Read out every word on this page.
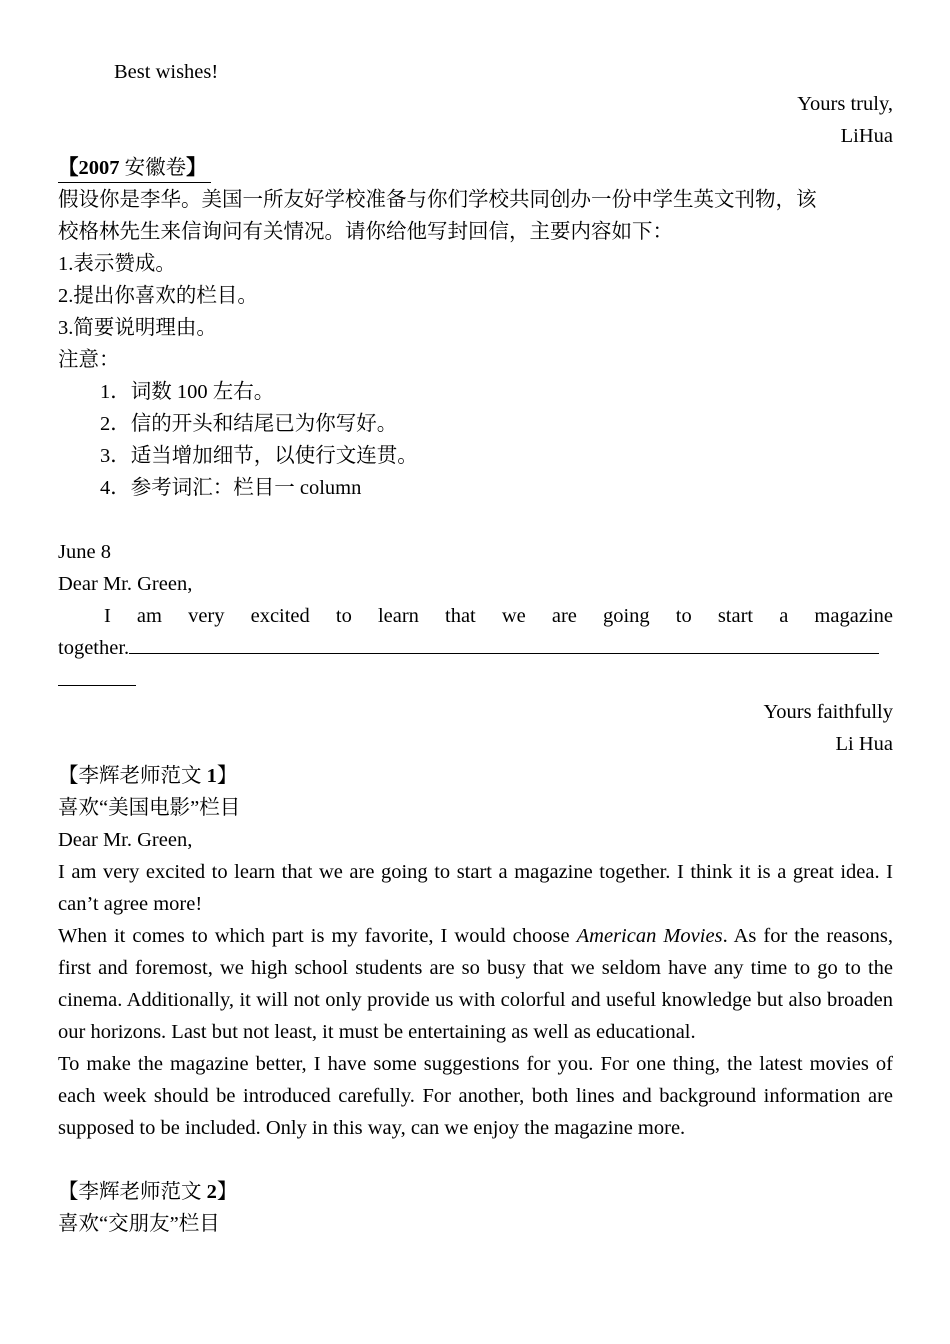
Best wishes!
Yours truly,
LiHua
【2007 安徽卷】
假设你是李华。美国一所友好学校准备与你们学校共同创办一份中学生英文刊物，该
校格林先生来信询问有关情况。请你给他写封回信，主要内容如下：
1.表示赞成。
2.提出你喜欢的栏目。
3.简要说明理由。
注意：
1．词数 100 左右。
2．信的开头和结尾已为你写好。
3．适当增加细节，以使行文连贯。
4．参考词汇：栏目一 column
June 8
Dear Mr. Green,
I am very excited to learn that we are going to start a magazine
together.
Yours faithfully
Li Hua
【李辉老师范文 1】
喜欢“美国电影”栏目
Dear Mr. Green,
I am very excited to learn that we are going to start a magazine together. I think it is a great idea. I can’t agree more!
When it comes to which part is my favorite, I would choose American Movies. As for the reasons, first and foremost, we high school students are so busy that we seldom have any time to go to the cinema. Additionally, it will not only provide us with colorful and useful knowledge but also broaden our horizons. Last but not least, it must be entertaining as well as educational.
To make the magazine better, I have some suggestions for you. For one thing, the latest movies of each week should be introduced carefully. For another, both lines and background information are supposed to be included. Only in this way, can we enjoy the magazine more.
【李辉老师范文 2】
喜欢“交朋友”栏目
